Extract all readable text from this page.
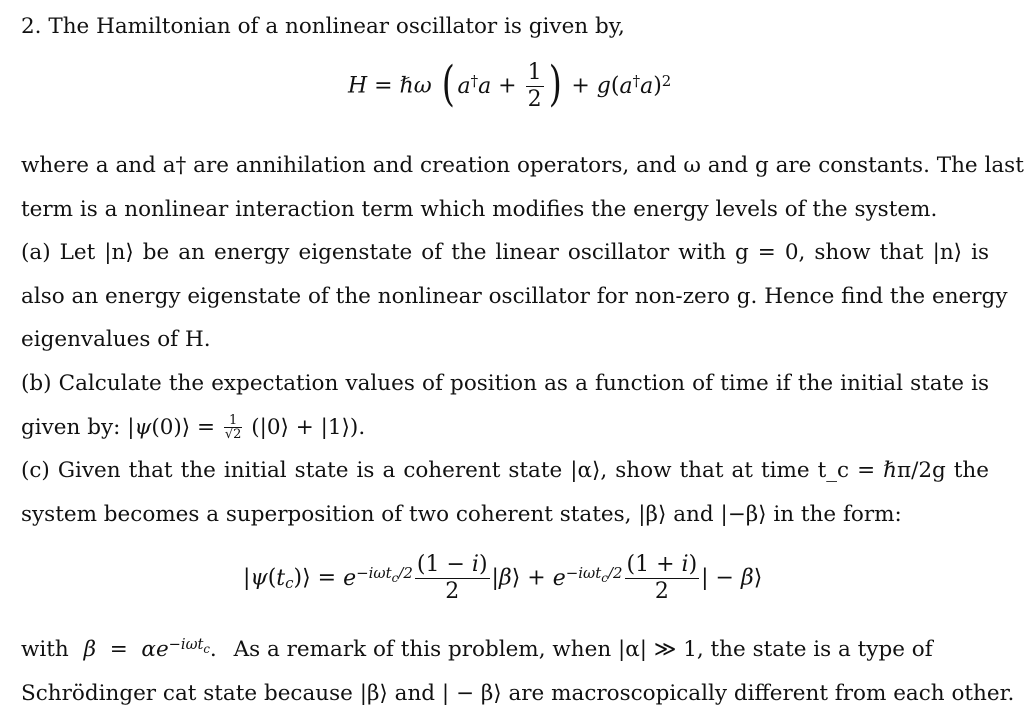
2. The Hamiltonian of a nonlinear oscillator is given by,
H = ℏω ( $a^\dagger a + \frac{1}{2}$ ) + $g(a^\dagger a)^2$
where a and a† are annihilation and creation operators, and ω and g are constants. The last
term is a nonlinear interaction term which modifies the energy levels of the system.
(a) Let |n⟩ be an energy eigenstate of the linear oscillator with g = 0, show that |n⟩ is
also an energy eigenstate of the nonlinear oscillator for non-zero g. Hence find the energy
eigenvalues of H.
(b) Calculate the expectation values of position as a function of time if the initial state is
given by: |ψ(0)⟩ = $\frac{1}{√2}$ (|0⟩ + |1⟩).
(c) Given that the initial state is a coherent state |α⟩, show that at time t_c = ℏπ/2g the
system becomes a superposition of two coherent states, |β⟩ and |−β⟩ in the form:
$|\psi(t_c)⟩ = e^{-i\omega t_c/2} \frac{(1 - i)}{2}$ |β⟩ + $e^{-i\omega t_c/2} \frac{(1 + i)}{2}$ | − β⟩
with $\beta = \alpha e^{-i\omega t_c}$. As a remark of this problem, when |α| ≫ 1, the state is a type of
Schrödinger cat state because |β⟩ and | − β⟩ are macroscopically different from each other.
